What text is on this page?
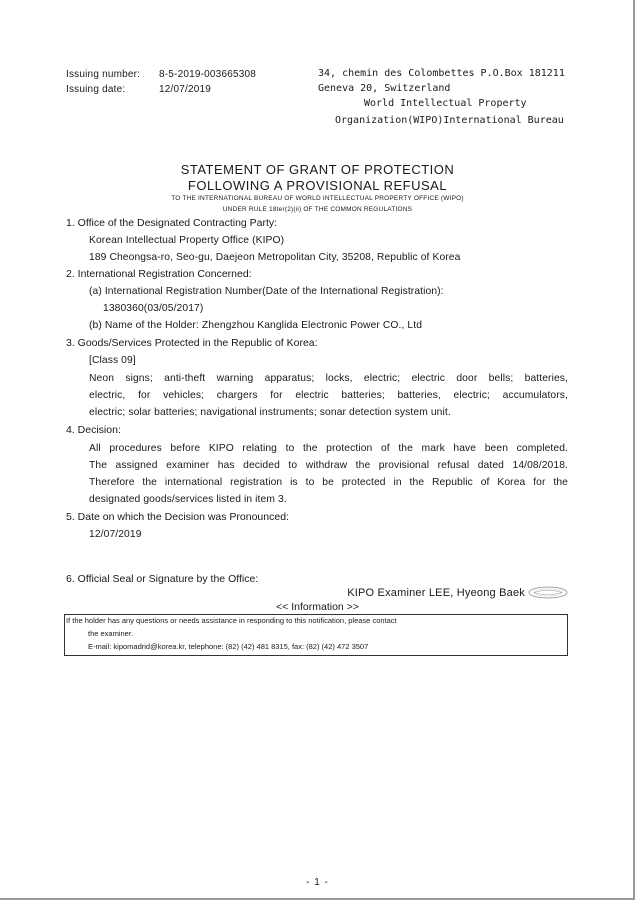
Issuing number: 8-5-2019-003665308
Issuing date:	12/07/2019
34, chemin des Colombettes P.O.Box 181211
Geneva 20, Switzerland
World Intellectual Property
Organization(WIPO)International Bureau
STATEMENT OF GRANT OF PROTECTION
FOLLOWING A PROVISIONAL REFUSAL
TO THE INTERNATIONAL BUREAU OF WORLD INTELLECTUAL PROPERTY OFFICE (WIPO)
UNDER RULE 18ter(2)(ii) OF THE COMMON REGULATIONS
1. Office of the Designated Contracting Party:
Korean Intellectual Property Office (KIPO)
189 Cheongsa-ro, Seo-gu, Daejeon Metropolitan City, 35208, Republic of Korea
2. International Registration Concerned:
(a) International Registration Number(Date of the International Registration):
1380360(03/05/2017)
(b) Name of the Holder: Zhengzhou Kanglida Electronic Power CO., Ltd
3. Goods/Services Protected in the Republic of Korea:
[Class 09]
Neon signs; anti-theft warning apparatus; locks, electric; electric door bells; batteries,
electric, for vehicles; chargers for electric batteries; batteries, electric; accumulators,
electric; solar batteries; navigational instruments; sonar detection system unit.
4. Decision:
All procedures before KIPO relating to the protection of the mark have been completed.
The assigned examiner has decided to withdraw the provisional refusal dated 14/08/2018.
Therefore the international registration is to be protected in the Republic of Korea for the
designated goods/services listed in item 3.
5. Date on which the Decision was Pronounced:
12/07/2019
6. Official Seal or Signature by the Office:
KIPO Examiner LEE, Hyeong Baek
<< Information >>
If the holder has any questions or needs assistance in responding to this notification, please contact
the examiner.
E-mail: kipomadrid@korea.kr, telephone: (82) (42) 481 8315, fax: (82) (42) 472 3507
- 1 -
